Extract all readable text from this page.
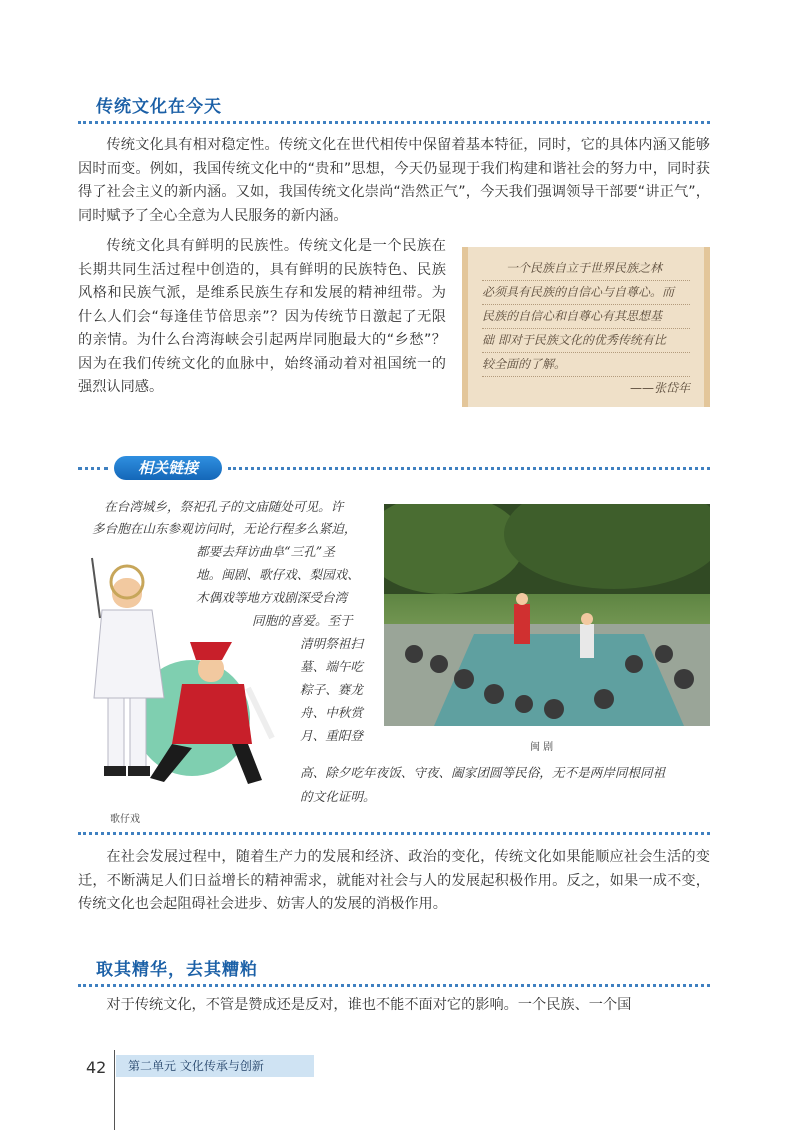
传统文化在今天

传统文化具有相对稳定性。传统文化在世代相传中保留着基本特征，同时，它的具体内涵又能够因时而变。例如，我国传统文化中的“贵和”思想，今天仍显现于我们构建和谐社会的努力中，同时获得了社会主义的新内涵。又如，我国传统文化崇尚“浩然正气”，今天我们强调领导干部要“讲正气”，同时赋予了全心全意为人民服务的新内涵。

传统文化具有鲜明的民族性。传统文化是一个民族在长期共同生活过程中创造的，具有鲜明的民族特色、民族风格和民族气派，是维系民族生存和发展的精神纽带。为什么人们会“每逢佳节倍思亲”？因为传统节日激起了无限的亲情。为什么台湾海峡会引起两岸同胞最大的“乡愁”？因为在我们传统文化的血脉中，始终涌动着对祖国统一的强烈认同感。

一个民族自立于世界民族之林
必须具有民族的自信心与自尊心。而
民族的自信心和自尊心有其思想基
础 即对于民族文化的优秀传统有比
较全面的了解。
——张岱年
相关链接
在台湾城乡，祭祀孔子的文庙随处可见。许
多台胞在山东参观访问时，无论行程多么紧迫，
都要去拜访曲阜“三孔”圣
地。闽剧、歌仔戏、梨园戏、
木偶戏等地方戏剧深受台湾
同胞的喜爱。至于
清明祭祖扫
墓、端午吃
粽子、赛龙
舟、中秋赏
月、重阳登
高、除夕吃年夜饭、守夜、阖家团圆等民俗，无不是两岸同根同祖
的文化证明。
歌仔戏
闽 剧

在社会发展过程中，随着生产力的发展和经济、政治的变化，传统文化如果能顺应社会生活的变迁，不断满足人们日益增长的精神需求，就能对社会与人的发展起积极作用。反之，如果一成不变，传统文化也会起阻碍社会进步、妨害人的发展的消极作用。

取其精华，去其糟粕

对于传统文化，不管是赞成还是反对，谁也不能不面对它的影响。一个民族、一个国

42	第二单元 文化传承与创新
